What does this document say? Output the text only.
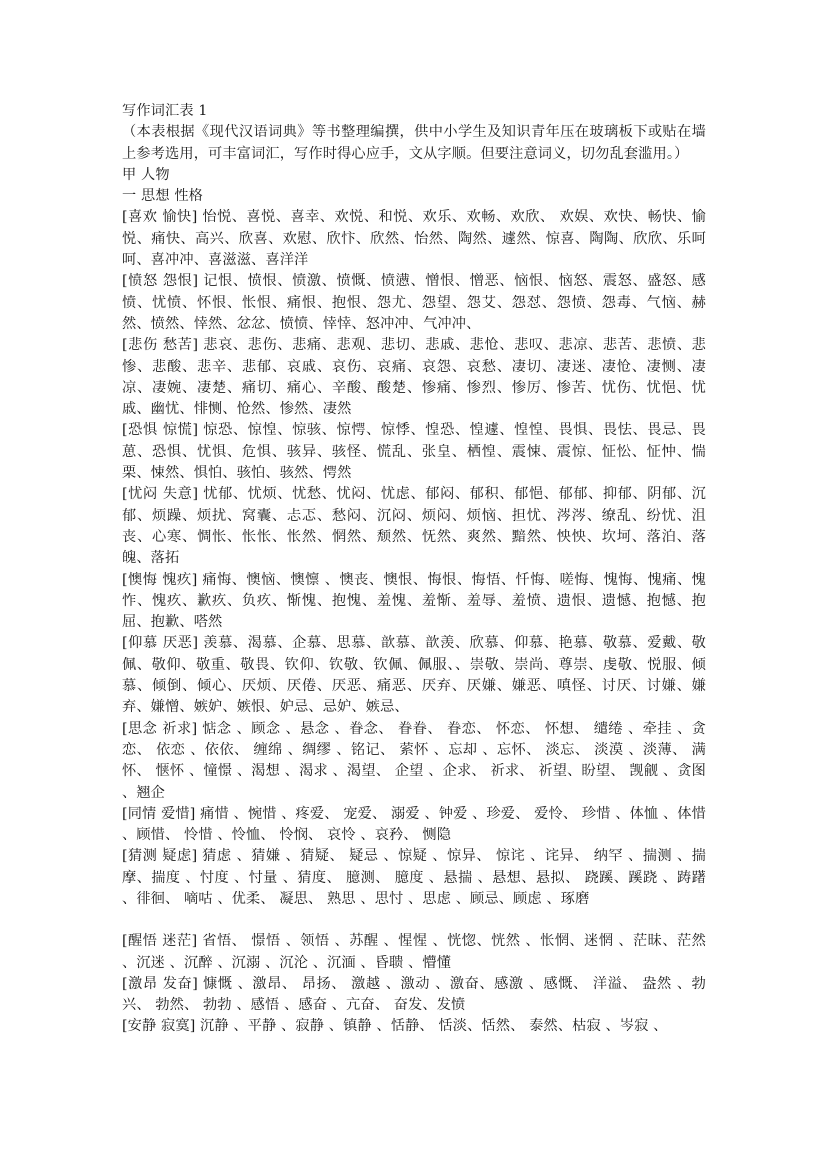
写作词汇表 1
（本表根据《现代汉语词典》等书整理编撰，供中小学生及知识青年压在玻璃板下或贴在墙上参考选用，可丰富词汇，写作时得心应手，文从字顺。但要注意词义，切勿乱套滥用。）
甲 人物
一 思想 性格
[喜欢 愉快] 怡悦、喜悦、喜幸、欢悦、和悦、欢乐、欢畅、欢欣、 欢娱、欢快、畅快、愉悦、痛快、高兴、欣喜、欢慰、欣忭、欣然、怡然、陶然、遽然、惊喜、陶陶、欣欣、乐呵呵、喜冲冲、喜滋滋、喜洋洋
[愤怒 怨恨] 记恨、愤恨、愤激、愤慨、愤懑、憎恨、憎恶、恼恨、恼怒、震怒、盛怒、感愤、忧愤、怀恨、怅恨、痛恨、抱恨、怨尤、怨望、怨艾、怨怼、怨愤、怨毒、气恼、赫然、愤然、悻然、忿忿、愤愤、悻悻、怒冲冲、气冲冲、
[悲伤 愁苦] 悲哀、悲伤、悲痛、悲观、悲切、悲戚、悲怆、悲叹、悲凉、悲苦、悲愤、悲惨、悲酸、悲辛、悲郁、哀戚、哀伤、哀痛、哀怨、哀愁、凄切、凄迷、凄怆、凄恻、凄凉、凄婉、凄楚、痛切、痛心、辛酸、酸楚、惨痛、惨烈、惨厉、惨苦、忧伤、忧悒、忧戚、幽忧、悱恻、怆然、惨然、凄然
[恐惧 惊慌] 惊恐、惊惶、惊骇、惊愕、惊悸、惶恐、惶遽、惶惶、畏惧、畏怯、畏忌、畏葸、恐惧、忧惧、危惧、骇异、骇怪、慌乱、张皇、栖惶、震悚、震惊、怔忪、怔忡、惴栗、悚然、惧怕、骇怕、骇然、愕然
[忧闷 失意] 忧郁、忧烦、忧愁、忧闷、忧虑、郁闷、郁积、郁悒、郁郁、抑郁、阴郁、沉郁、烦躁、烦扰、窝囊、忐忑、愁闷、沉闷、烦闷、烦恼、担忧、涔涔、缭乱、纷忧、沮丧、心寒、惆怅、怅怅、怅然、惘然、颓然、怃然、爽然、黯然、怏怏、坎坷、落泊、落魄、落拓
[懊悔 愧疚] 痛悔、懊恼、懊懔 、懊丧、懊恨、悔恨、悔悟、忏悔、嗟悔、愧悔、愧痛、愧怍、愧疚、歉疚、负疚、惭愧、抱愧、羞愧、羞惭、羞辱、羞愤、遗恨、遗憾、抱憾、抱屈、抱歉、嗒然
[仰慕 厌恶] 羡慕、渴慕、企慕、思慕、歆慕、歆羡、欣慕、仰慕、艳慕、敬慕、爱戴、敬佩、敬仰、敬重、敬畏、钦仰、钦敬、钦佩、佩服、、崇敬、崇尚、尊崇、虔敬、悦服、倾慕、倾倒、倾心、厌烦、厌倦、厌恶、痛恶、厌弃、厌嫌、嫌恶、嗔怪、讨厌、讨嫌、嫌弃、嫌憎、嫉妒、嫉恨、妒忌、忌妒、嫉忌、
[思念 祈求] 惦念 、顾念 、悬念 、眷念、 眷眷、 眷恋、 怀恋、 怀想、 缱绻 、牵挂 、贪恋、 依恋 、依依、 缠绵 、绸缪 、铭记、 萦怀 、忘却 、忘怀、 淡忘、 淡漠 、淡薄、 满怀、 惬怀 、憧憬 、渴想 、渴求 、渴望、 企望 、企求、 祈求、 祈望、盼望、 觊觎 、贪图 、翘企
[同情 爱惜] 痛惜 、惋惜 、疼爱、 宠爱、 溺爱 、钟爱 、珍爱、 爱怜、 珍惜 、体恤 、体惜 、顾惜、 怜惜 、怜恤、 怜悯、 哀怜 、哀矜、 恻隐
[猜测 疑虑] 猜虑 、猜嫌 、猜疑、 疑忌 、惊疑 、惊异、 惊诧 、诧异、 纳罕 、揣测 、揣摩、揣度 、忖度 、忖量 、猜度、 臆测、 臆度 、悬揣 、悬想、悬拟、 跷蹊、蹊跷 、踌躇 、徘徊、 嘀咕 、优柔、 凝思、 熟思 、思忖 、思虑 、顾忌、顾虑 、琢磨
[醒悟 迷茫] 省悟、 憬悟 、领悟 、苏醒 、惺惺 、恍惚、恍然 、怅惘、迷惘 、茫昧、茫然 、沉迷 、沉醉 、沉溺 、沉沦 、沉湎 、昏聩 、懵懂
[激昂 发奋] 慷慨 、激昂、 昂扬、 激越 、激动 、激奋、感激 、感慨、 洋溢、 盎然 、勃兴、 勃然、 勃勃 、感悟 、感奋 、亢奋、 奋发、发愤
[安静 寂寞] 沉静 、平静 、寂静 、镇静 、恬静、 恬淡、恬然、 泰然、枯寂 、岑寂 、
